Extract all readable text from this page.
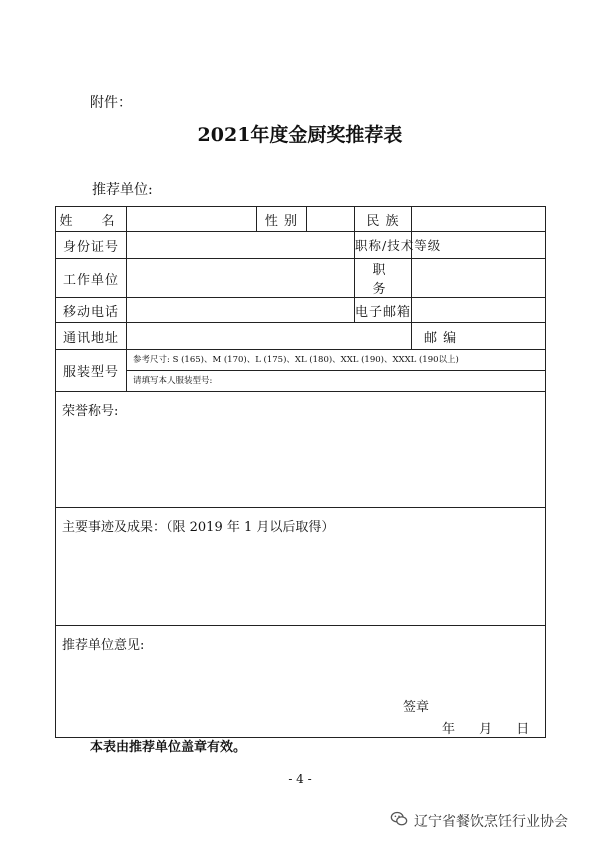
附件：
2021年度金厨奖推荐表
推荐单位:
姓　名		性 别		民 族	
身份证号				职称/技术等级	
工作单位				职　务	
移动电话				电子邮箱	
通讯地址					邮 编
服装型号	参考尺寸: S (165)、M (170)、L (175)、XL (180)、XXL (190)、XXXL (190以上)				
	请填写本人服装型号:				
荣誉称号:					
主要事迹及成果：（限 2019 年 1 月以后取得）					
推荐单位意见:
签章
年 月 日					
本表由推荐单位盖章有效。
- 4 -
辽宁省餐饮烹饪行业协会
